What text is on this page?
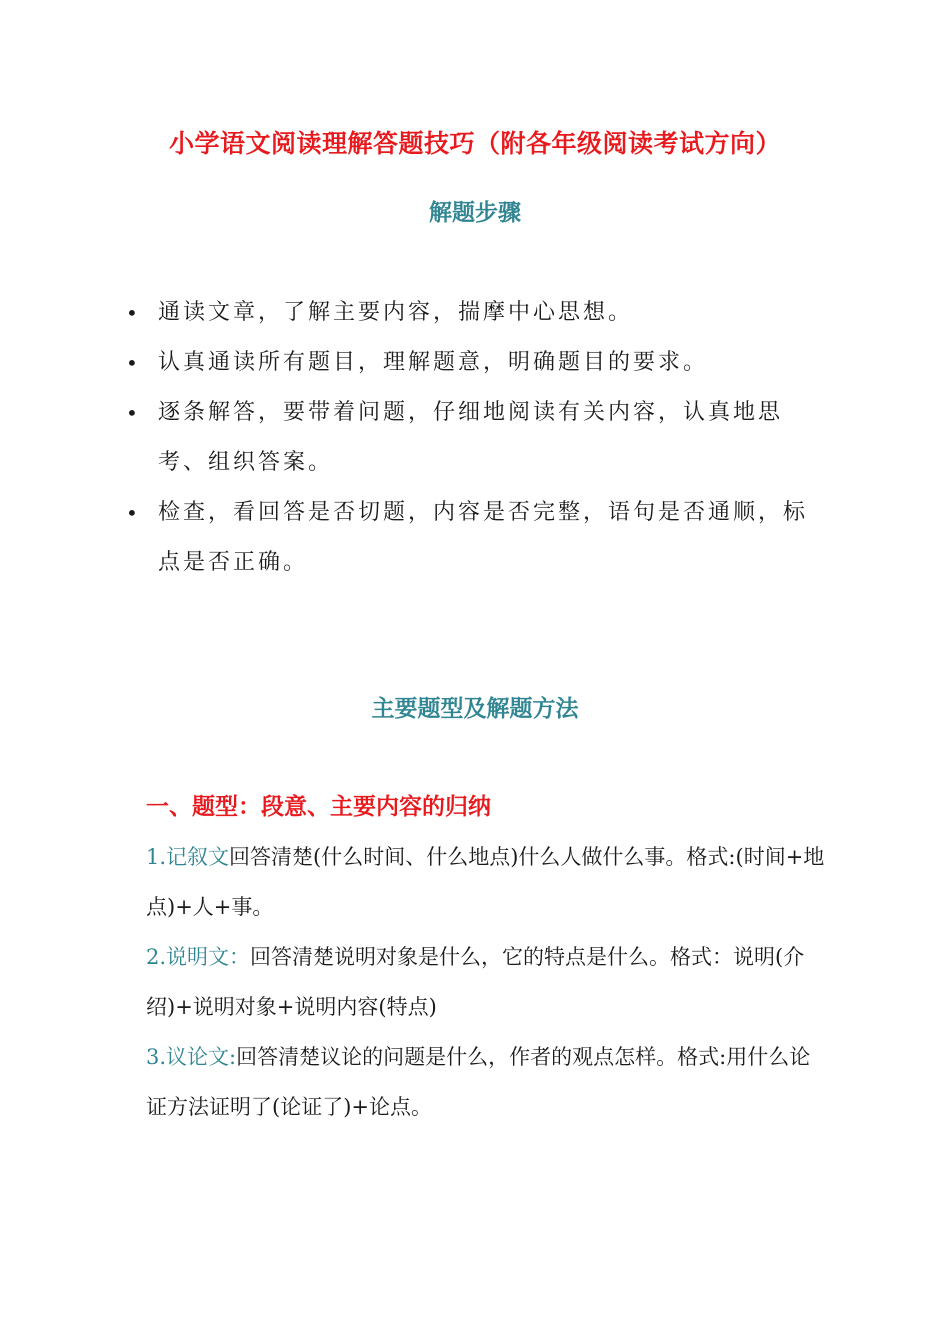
小学语文阅读理解答题技巧（附各年级阅读考试方向）
解题步骤
• 通读文章，了解主要内容，揣摩中心思想。
• 认真通读所有题目，理解题意，明确题目的要求。
• 逐条解答，要带着问题，仔细地阅读有关内容，认真地思考、组织答案。
• 检查，看回答是否切题，内容是否完整，语句是否通顺，标点是否正确。
主要题型及解题方法
一、题型：段意、主要内容的归纳

1.记叙文回答清楚(什么时间、什么地点)什么人做什么事。格式:(时间+地点)+人+事。

2.说明文：回答清楚说明对象是什么，它的特点是什么。格式：说明(介绍)+说明对象+说明内容(特点)

3.议论文:回答清楚议论的问题是什么，作者的观点怎样。格式:用什么论证方法证明了(论证了)+论点。
